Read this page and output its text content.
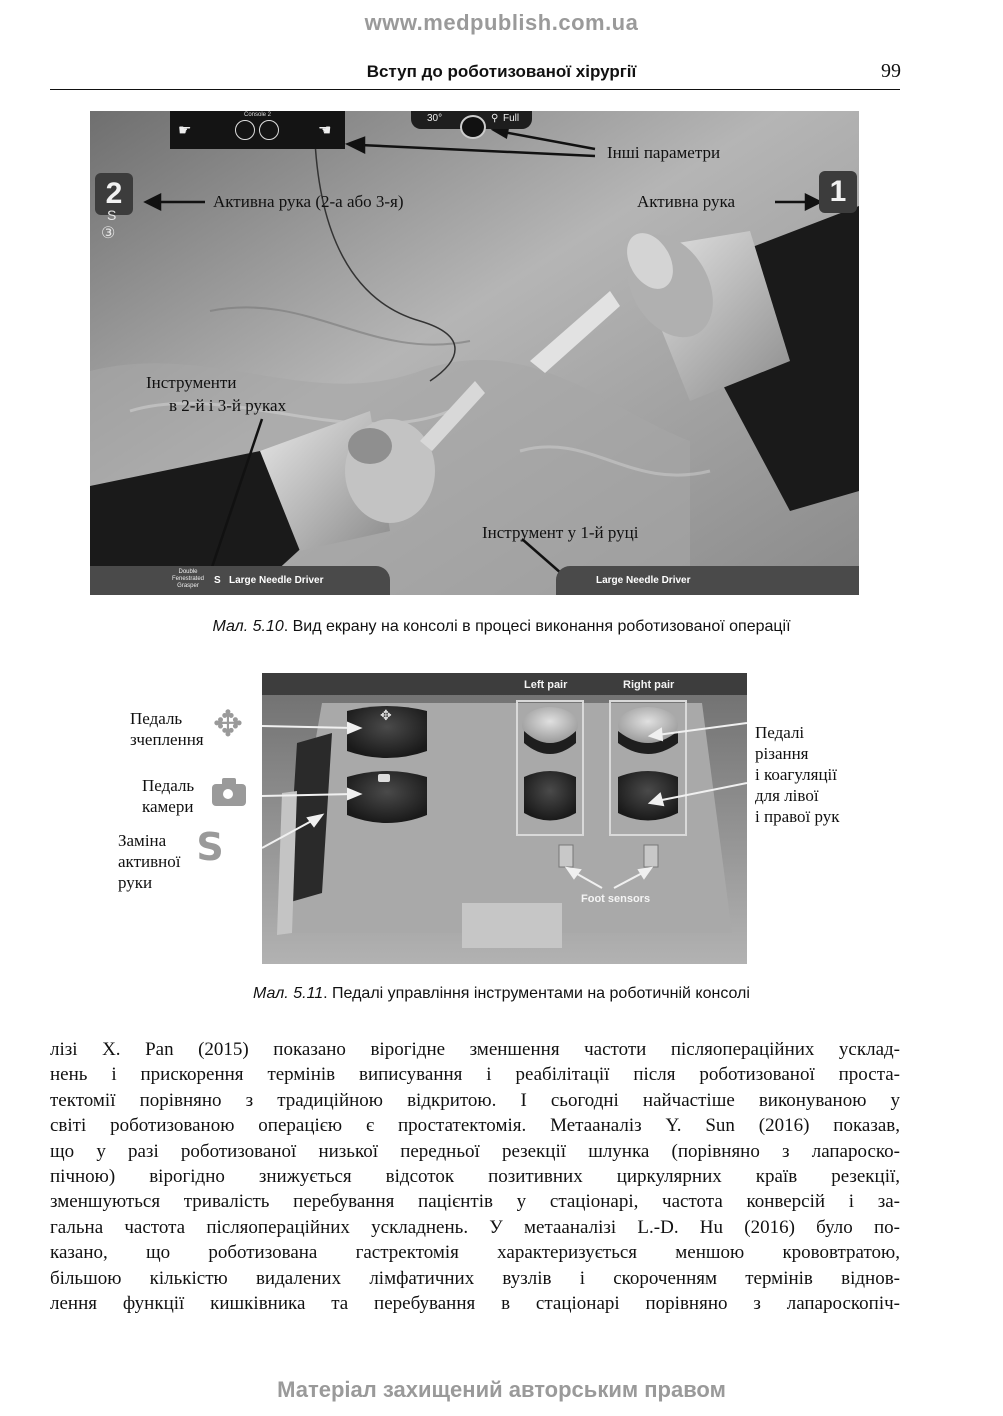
www.medpublish.com.ua
Вступ до роботизованої хірургії	99
Console 2
☛	☚
30°	⚲ Full
2
S
③
1
Інші параметри
Активна рука (2-а або 3-я)	Активна рука
Інструменти
в 2-й і 3-й руках
Інструмент у 1-й руці
Double
Fenestrated
Grasper	S Large Needle Driver	Large Needle Driver
Мал. 5.10. Вид екрану на консолі в процесі виконання роботизованої операції
✥
Left pair	Right pair
Foot sensors
Педаль
зчеплення ✥
Педаль
камери
Заміна
активної
руки
S
Педалі
різання
і коагуляції
для лівої
і правої рук
Мал. 5.11. Педалі управління інструментами на роботичній консолі
лізі X. Pan (2015) показано вірогідне зменшення частоти післяопераційних усклад-
нень і прискорення термінів виписування і реабілітації після роботизованої проста-
тектомії порівняно з традиційною відкритою. І сьогодні найчастіше виконуваною у
світі роботизованою операцією є простатектомія. Метааналіз Y. Sun (2016) показав,
що у разі роботизованої низької передньої резекції шлунка (порівняно з лапароско-
пічною) вірогідно знижується відсоток позитивних циркулярних країв резекції,
зменшуються тривалість перебування пацієнтів у стаціонарі, частота конверсій і за-
гальна частота післяопераційних ускладнень. У метааналізі L.-D. Hu (2016) було по-
казано, що роботизована гастректомія характеризується меншою крововтратою,
більшою кількістю видалених лімфатичних вузлів і скороченням термінів віднов-
лення функції кишківника та перебування в стаціонарі порівняно з лапароскопіч-
Матеріал захищений авторським правом
